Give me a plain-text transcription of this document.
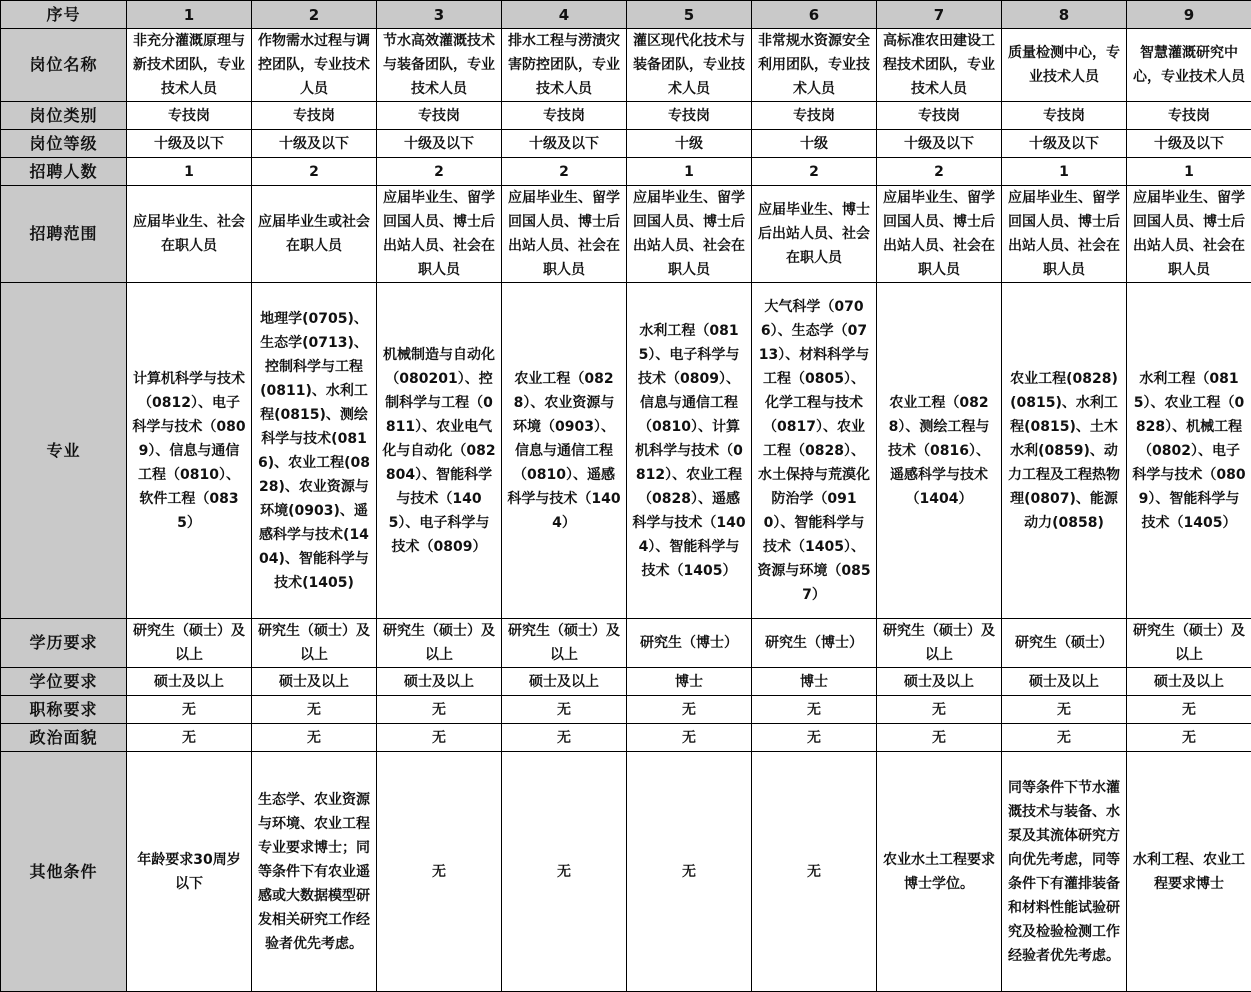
序号	1	2	3	4	5	6	7	8	9
岗位名称	非充分灌溉原理与新技术团队，专业技术人员	作物需水过程与调控团队，专业技术人员	节水高效灌溉技术与装备团队，专业技术人员	排水工程与涝渍灾害防控团队，专业技术人员	灌区现代化技术与装备团队，专业技术人员	非常规水资源安全利用团队，专业技术人员	高标准农田建设工程技术团队，专业技术人员	质量检测中心，专业技术人员	智慧灌溉研究中心，专业技术人员
岗位类别	专技岗	专技岗	专技岗	专技岗	专技岗	专技岗	专技岗	专技岗	专技岗
岗位等级	十级及以下	十级及以下	十级及以下	十级及以下	十级	十级	十级及以下	十级及以下	十级及以下
招聘人数	1	2	2	2	1	2	2	1	1
招聘范围	应届毕业生、社会在职人员	应届毕业生或社会在职人员	应届毕业生、留学回国人员、博士后出站人员、社会在职人员	应届毕业生、留学回国人员、博士后出站人员、社会在职人员	应届毕业生、留学回国人员、博士后出站人员、社会在职人员	应届毕业生、博士后出站人员、社会在职人员	应届毕业生、留学回国人员、博士后出站人员、社会在职人员	应届毕业生、留学回国人员、博士后出站人员、社会在职人员	应届毕业生、留学回国人员、博士后出站人员、社会在职人员
专业	计算机科学与技术（0812）、电子科学与技术（0809）、信息与通信工程（0810）、软件工程（0835）	地理学(0705)、生态学(0713)、控制科学与工程(0811)、水利工程(0815)、测绘科学与技术(0816)、农业工程(0828)、农业资源与环境(0903)、遥感科学与技术(1404)、智能科学与技术(1405)	机械制造与自动化（080201）、控制科学与工程（0811）、农业电气化与自动化（082804）、智能科学与技术（1405）、电子科学与技术（0809）	农业工程（0828）、农业资源与环境（0903）、信息与通信工程（0810）、遥感科学与技术（1404）	水利工程（0815）、电子科学与技术（0809）、信息与通信工程（0810）、计算机科学与技术（0812）、农业工程（0828）、遥感科学与技术（1404）、智能科学与技术（1405）	大气科学（0706）、生态学（0713）、材料科学与工程（0805）、化学工程与技术（0817）、农业工程（0828）、水土保持与荒漠化防治学（0910）、智能科学与技术（1405）、资源与环境（0857）	农业工程（0828）、测绘工程与技术（0816）、遥感科学与技术（1404）	农业工程(0828)(0815)、水利工程(0815)、土木水利(0859)、动力工程及工程热物理(0807)、能源动力(0858)	水利工程（0815）、农业工程（0828）、机械工程（0802）、电子科学与技术（0809）、智能科学与技术（1405）
学历要求	研究生（硕士）及以上	研究生（硕士）及以上	研究生（硕士）及以上	研究生（硕士）及以上	研究生（博士）	研究生（博士）	研究生（硕士）及以上	研究生（硕士）	研究生（硕士）及以上
学位要求	硕士及以上	硕士及以上	硕士及以上	硕士及以上	博士	博士	硕士及以上	硕士及以上	硕士及以上
职称要求	无	无	无	无	无	无	无	无	无
政治面貌	无	无	无	无	无	无	无	无	无
其他条件	年龄要求30周岁以下	生态学、农业资源与环境、农业工程专业要求博士；同等条件下有农业遥感或大数据模型研发相关研究工作经验者优先考虑。	无	无	无	无	农业水土工程要求博士学位。	同等条件下节水灌溉技术与装备、水泵及其流体研究方向优先考虑，同等条件下有灌排装备和材料性能试验研究及检验检测工作经验者优先考虑。	水利工程、农业工程要求博士
